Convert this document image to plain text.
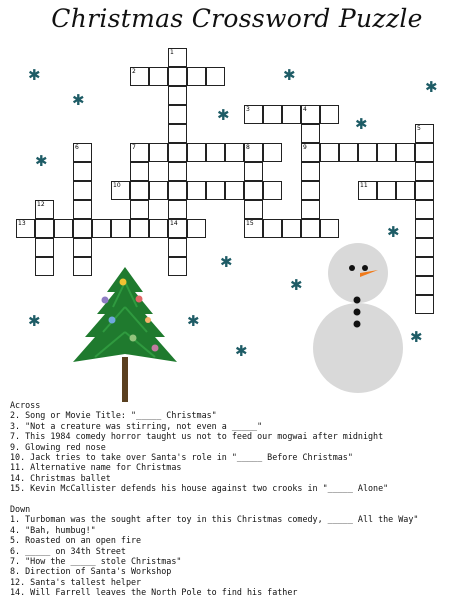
Christmas Crossword Puzzle
1
2
3	4
5
6	7	8	9
10	11
12
13	14	15
✱
✱
✱
✱
✱
✱
✱
✱
✱
✱
✱
✱
✱
✱
Across
2. Song or Movie Title: "_____ Christmas"
3. "Not a creature was stirring, not even a _____"
7. This 1984 comedy horror taught us not to feed our mogwai after midnight
9. Glowing red nose
10. Jack tries to take over Santa's role in "_____ Before Christmas"
11. Alternative name for Christmas
14. Christmas ballet
15. Kevin McCallister defends his house against two crooks in "_____ Alone"
Down
1. Turboman was the sought after toy in this Christmas comedy, _____ All the Way"
4. "Bah, humbug!"
5. Roasted on an open fire
6. _____ on 34th Street
7. "How the _____ stole Christmas"
8. Direction of Santa's Workshop
12. Santa's tallest helper
14. Will Farrell leaves the North Pole to find his father
